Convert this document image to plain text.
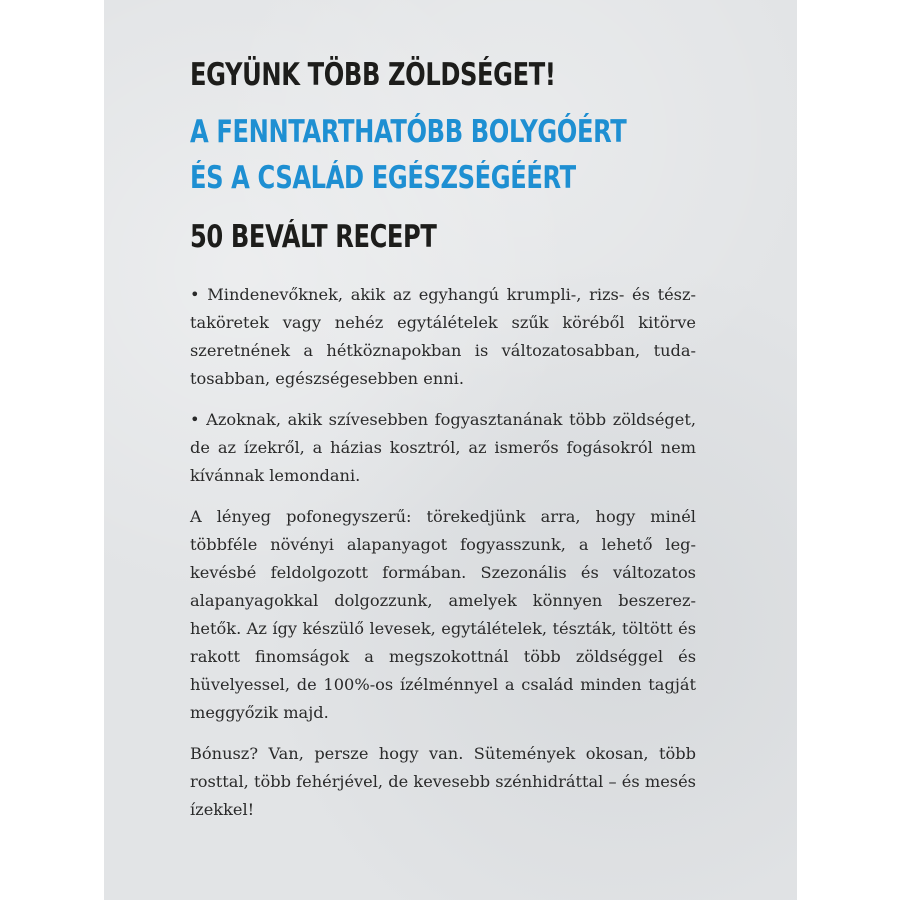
EGYÜNK TÖBB ZÖLDSÉGET!
A FENNTARTHATÓBB BOLYGÓÉRT
ÉS A CSALÁD EGÉSZSÉGÉÉRT
50 BEVÁLT RECEPT

• Mindenevőknek, akik az egyhangú krumpli-, rizs- és tésztaköretek vagy nehéz egytálételek szűk köréből kitörve szeretnének a hétköznapokban is változatosabban, tudatosabban, egészségesebben enni.

• Azoknak, akik szívesebben fogyasztanának több zöldséget, de az ízekről, a házias kosztról, az ismerős fogásokról nem kívánnak lemondani.

A lényeg pofonegyszerű: törekedjünk arra, hogy minél többféle növényi alapanyagot fogyasszunk, a lehető legkevésbé feldolgozott formában. Szezonális és változatos alapanyagokkal dolgozzunk, amelyek könnyen beszerezhetők. Az így készülő levesek, egytálételek, tészták, töltött és rakott finomságok a megszokottnál több zöldséggel és hüvelyessel, de 100%-os ízélménnyel a család minden tagját meggyőzik majd.

Bónusz? Van, persze hogy van. Sütemények okosan, több rosttal, több fehérjével, de kevesebb szénhidráttal – és mesés ízekkel!
